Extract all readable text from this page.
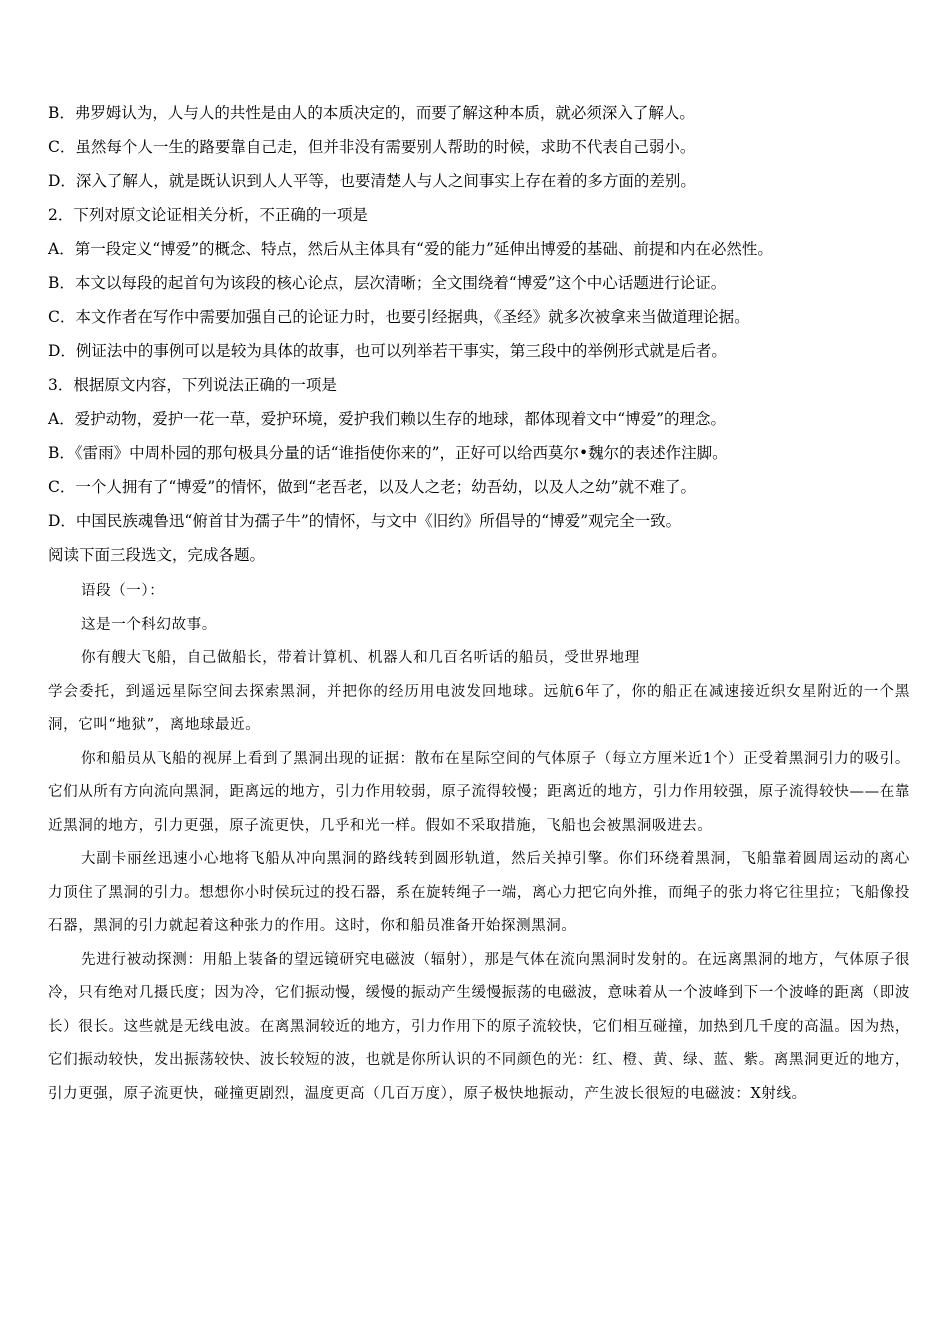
B．弗罗姆认为，人与人的共性是由人的本质决定的，而要了解这种本质，就必须深入了解人。
C．虽然每个人一生的路要靠自己走，但并非没有需要别人帮助的时候，求助不代表自己弱小。
D．深入了解人，就是既认识到人人平等，也要清楚人与人之间事实上存在着的多方面的差别。
2．下列对原文论证相关分析，不正确的一项是
A．第一段定义“博爱”的概念、特点，然后从主体具有“爱的能力”延伸出博爱的基础、前提和内在必然性。
B．本文以每段的起首句为该段的核心论点，层次清晰；全文围绕着“博爱”这个中心话题进行论证。
C．本文作者在写作中需要加强自己的论证力时，也要引经据典，《圣经》就多次被拿来当做道理论据。
D．例证法中的事例可以是较为具体的故事，也可以列举若干事实，第三段中的举例形式就是后者。
3．根据原文内容，下列说法正确的一项是
A．爱护动物，爱护一花一草，爱护环境，爱护我们赖以生存的地球，都体现着文中“博爱”的理念。
B．《雷雨》中周朴园的那句极具分量的话“谁指使你来的”，正好可以给西莫尔•魏尔的表述作注脚。
C．一个人拥有了“博爱”的情怀，做到“老吾老，以及人之老；幼吾幼，以及人之幼”就不难了。
D．中国民族魂鲁迅“俯首甘为孺子牛”的情怀，与文中《旧约》所倡导的“博爱”观完全一致。
阅读下面三段选文，完成各题。

语段（一）：

这是一个科幻故事。

你有艘大飞船，自己做船长，带着计算机、机器人和几百名听话的船员，受世界地理

学会委托，到遥远星际空间去探索黑洞，并把你的经历用电波发回地球。远航6年了，你的船正在减速接近织女星附近的一个黑洞，它叫“地狱”，离地球最近。

你和船员从飞船的视屏上看到了黑洞出现的证据：散布在星际空间的气体原子（每立方厘米近1个）正受着黑洞引力的吸引。它们从所有方向流向黑洞，距离远的地方，引力作用较弱，原子流得较慢；距离近的地方，引力作用较强，原子流得较快——在靠近黑洞的地方，引力更强，原子流更快，几乎和光一样。假如不采取措施，飞船也会被黑洞吸进去。

大副卡丽丝迅速小心地将飞船从冲向黑洞的路线转到圆形轨道，然后关掉引擎。你们环绕着黑洞，飞船靠着圆周运动的离心力顶住了黑洞的引力。想想你小时侯玩过的投石器，系在旋转绳子一端，离心力把它向外推，而绳子的张力将它往里拉；飞船像投石器，黑洞的引力就起着这种张力的作用。这时，你和船员准备开始探测黑洞。

先进行被动探测：用船上装备的望远镜研究电磁波（辐射），那是气体在流向黑洞时发射的。在远离黑洞的地方，气体原子很冷，只有绝对几摄氏度；因为冷，它们振动慢，缓慢的振动产生缓慢振荡的电磁波，意味着从一个波峰到下一个波峰的距离（即波长）很长。这些就是无线电波。在离黑洞较近的地方，引力作用下的原子流较快，它们相互碰撞，加热到几千度的高温。因为热，它们振动较快，发出振荡较快、波长较短的波，也就是你所认识的不同颜色的光：红、橙、黄、绿、蓝、紫。离黑洞更近的地方，引力更强，原子流更快，碰撞更剧烈，温度更高（几百万度），原子极快地振动，产生波长很短的电磁波：X射线。
